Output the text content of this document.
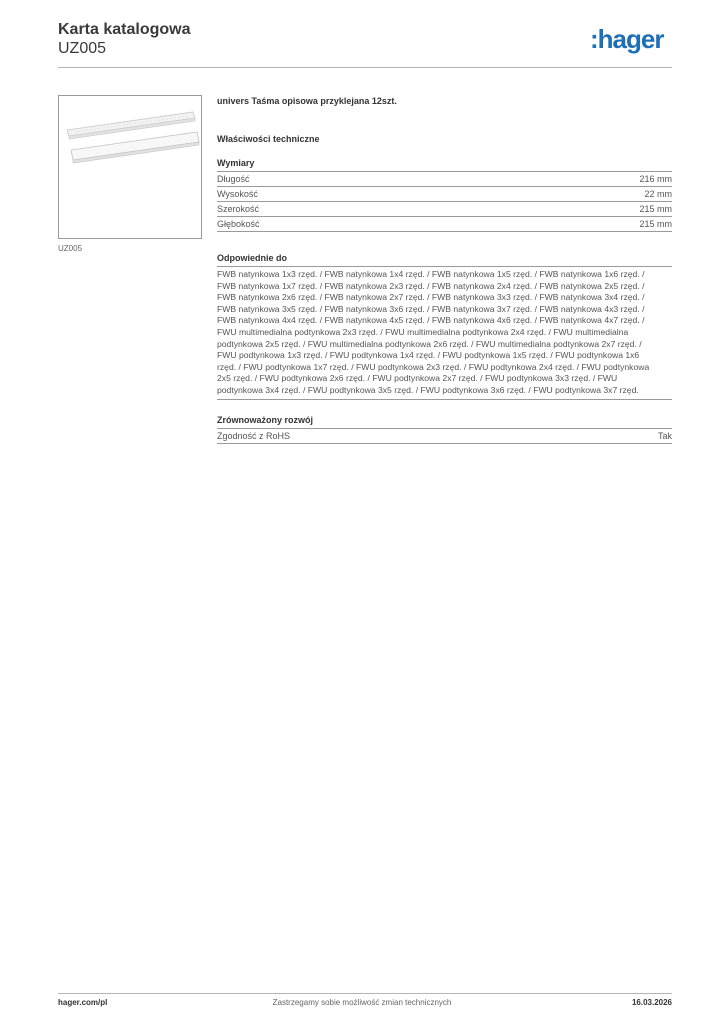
Karta katalogowa
UZ005	:hager
UZ005
univers Taśma opisowa przyklejana 12szt.
Właściwości techniczne
Wymiary
Długość	216 mm
Wysokość	22 mm
Szerokość	215 mm
Głębokość	215 mm
Odpowiednie do
FWB natynkowa 1x3 rzęd. / FWB natynkowa 1x4 rzęd. / FWB natynkowa 1x5 rzęd. / FWB natynkowa 1x6 rzęd. / FWB natynkowa 1x7 rzęd. / FWB natynkowa 2x3 rzęd. / FWB natynkowa 2x4 rzęd. / FWB natynkowa 2x5 rzęd. / FWB natynkowa 2x6 rzęd. / FWB natynkowa 2x7 rzęd. / FWB natynkowa 3x3 rzęd. / FWB natynkowa 3x4 rzęd. / FWB natynkowa 3x5 rzęd. / FWB natynkowa 3x6 rzęd. / FWB natynkowa 3x7 rzęd. / FWB natynkowa 4x3 rzęd. / FWB natynkowa 4x4 rzęd. / FWB natynkowa 4x5 rzęd. / FWB natynkowa 4x6 rzęd. / FWB natynkowa 4x7 rzęd. / FWU multimedialna podtynkowa 2x3 rzęd. / FWU multimedialna podtynkowa 2x4 rzęd. / FWU multimedialna podtynkowa 2x5 rzęd. / FWU multimedialna podtynkowa 2x6 rzęd. / FWU multimedialna podtynkowa 2x7 rzęd. / FWU podtynkowa 1x3 rzęd. / FWU podtynkowa 1x4 rzęd. / FWU podtynkowa 1x5 rzęd. / FWU podtynkowa 1x6 rzęd. / FWU podtynkowa 1x7 rzęd. / FWU podtynkowa 2x3 rzęd. / FWU podtynkowa 2x4 rzęd. / FWU podtynkowa 2x5 rzęd. / FWU podtynkowa 2x6 rzęd. / FWU podtynkowa 2x7 rzęd. / FWU podtynkowa 3x3 rzęd. / FWU podtynkowa 3x4 rzęd. / FWU podtynkowa 3x5 rzęd. / FWU podtynkowa 3x6 rzęd. / FWU podtynkowa 3x7 rzęd.
Zrównoważony rozwój
Zgodność z RoHS	Tak
hager.com/pl	Zastrzegamy sobie możliwość zmian technicznych	16.03.2026
